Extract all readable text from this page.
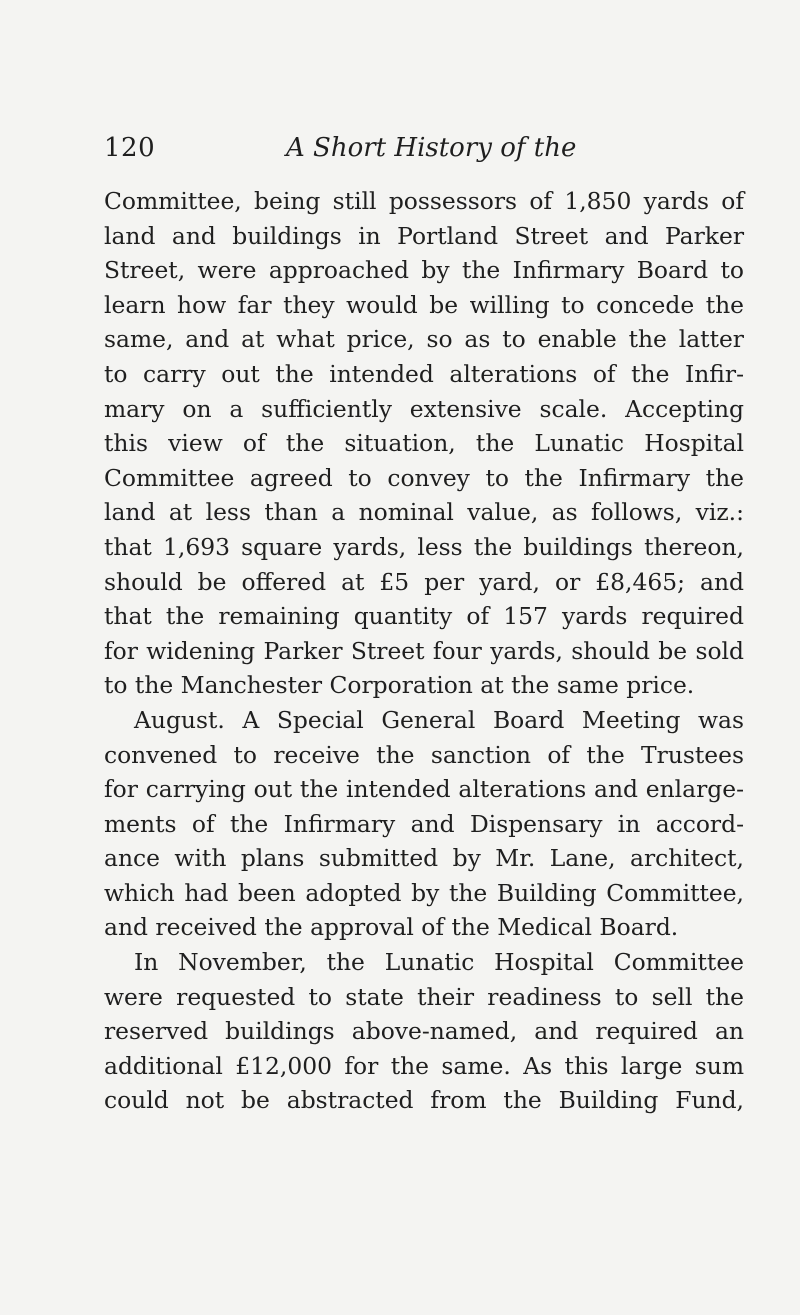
120	A Short History of the
Committee, being still possessors of 1,850 yards of
land and buildings in Portland Street and Parker
Street, were approached by the Infirmary Board to
learn how far they would be willing to concede the
same, and at what price, so as to enable the latter
to carry out the intended alterations of the Infir-
mary on a sufficiently extensive scale. Accepting
this view of the situation, the Lunatic Hospital
Committee agreed to convey to the Infirmary the
land at less than a nominal value, as follows, viz.:
that 1,693 square yards, less the buildings thereon,
should be offered at £5 per yard, or £8,465; and
that the remaining quantity of 157 yards required
for widening Parker Street four yards, should be sold
to the Manchester Corporation at the same price.
August. A Special General Board Meeting was
convened to receive the sanction of the Trustees
for carrying out the intended alterations and enlarge-
ments of the Infirmary and Dispensary in accord-
ance with plans submitted by Mr. Lane, architect,
which had been adopted by the Building Committee,
and received the approval of the Medical Board.
In November, the Lunatic Hospital Committee
were requested to state their readiness to sell the
reserved buildings above-named, and required an
additional £12,000 for the same. As this large sum
could not be abstracted from the Building Fund,
